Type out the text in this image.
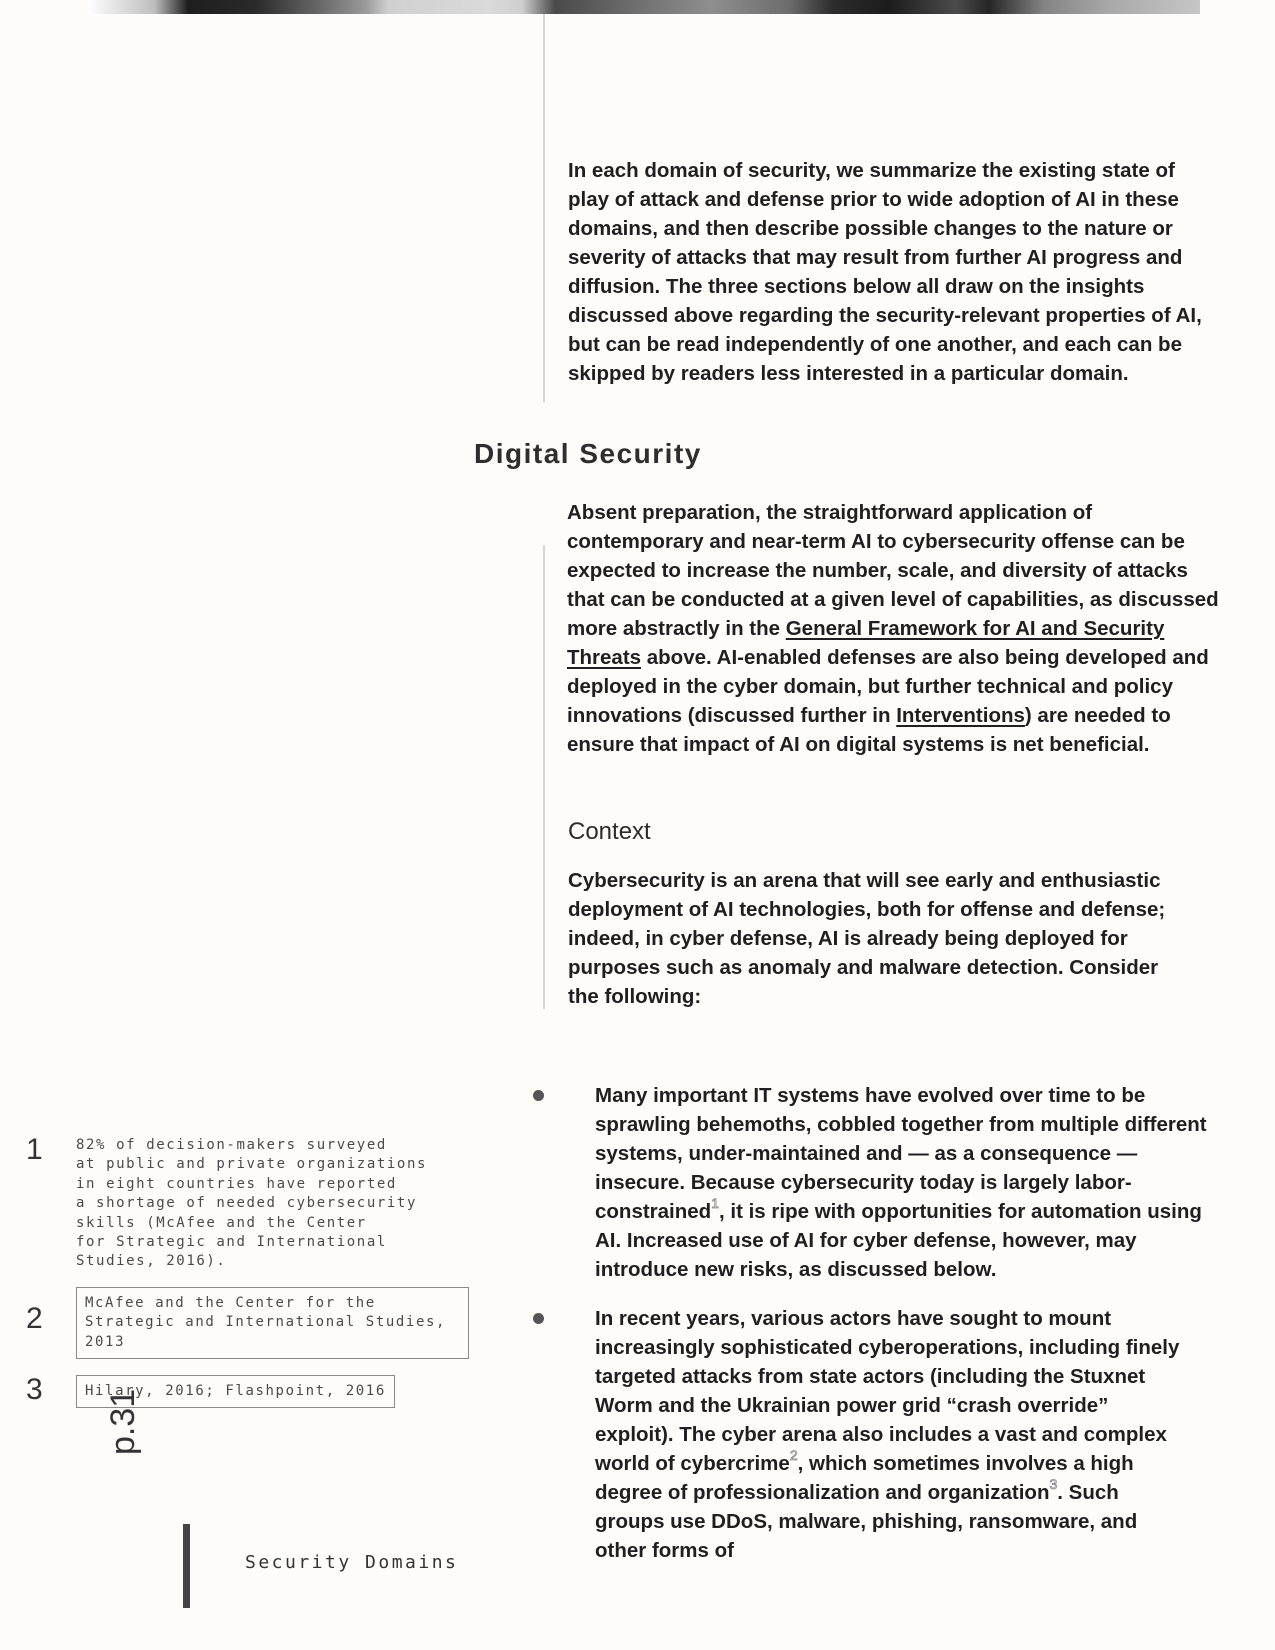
In each domain of security, we summarize the existing state of play of attack and defense prior to wide adoption of AI in these domains, and then describe possible changes to the nature or severity of attacks that may result from further AI progress and diffusion. The three sections below all draw on the insights discussed above regarding the security-relevant properties of AI, but can be read independently of one another, and each can be skipped by readers less interested in a particular domain.

Digital Security

Absent preparation, the straightforward application of contemporary and near-term AI to cybersecurity offense can be expected to increase the number, scale, and diversity of attacks that can be conducted at a given level of capabilities, as discussed more abstractly in the General Framework for AI and Security Threats above. AI-enabled defenses are also being developed and deployed in the cyber domain, but further technical and policy innovations (discussed further in Interventions) are needed to ensure that impact of AI on digital systems is net beneficial.

Context

Cybersecurity is an arena that will see early and enthusiastic deployment of AI technologies, both for offense and defense; indeed, in cyber defense, AI is already being deployed for purposes such as anomaly and malware detection. Consider the following:

Many important IT systems have evolved over time to be sprawling behemoths, cobbled together from multiple different systems, under-maintained and — as a consequence — insecure. Because cybersecurity today is largely labor-constrained$^1$, it is ripe with opportunities for automation using AI. Increased use of AI for cyber defense, however, may introduce new risks, as discussed below.

In recent years, various actors have sought to mount increasingly sophisticated cyberoperations, including finely targeted attacks from state actors (including the Stuxnet Worm and the Ukrainian power grid “crash override” exploit). The cyber arena also includes a vast and complex world of cybercrime$^2$, which sometimes involves a high degree of professionalization and organization$^3$. Such groups use DDoS, malware, phishing, ransomware, and other forms of

1 82% of decision-makers surveyed
at public and private organizations
in eight countries have reported
a shortage of needed cybersecurity
skills (McAfee and the Center
for Strategic and International
Studies, 2016).

2	McAfee and the Center for the
Strategic and International Studies,
2013

3	Hilary, 2016; Flashpoint, 2016

p.31
Security Domains
